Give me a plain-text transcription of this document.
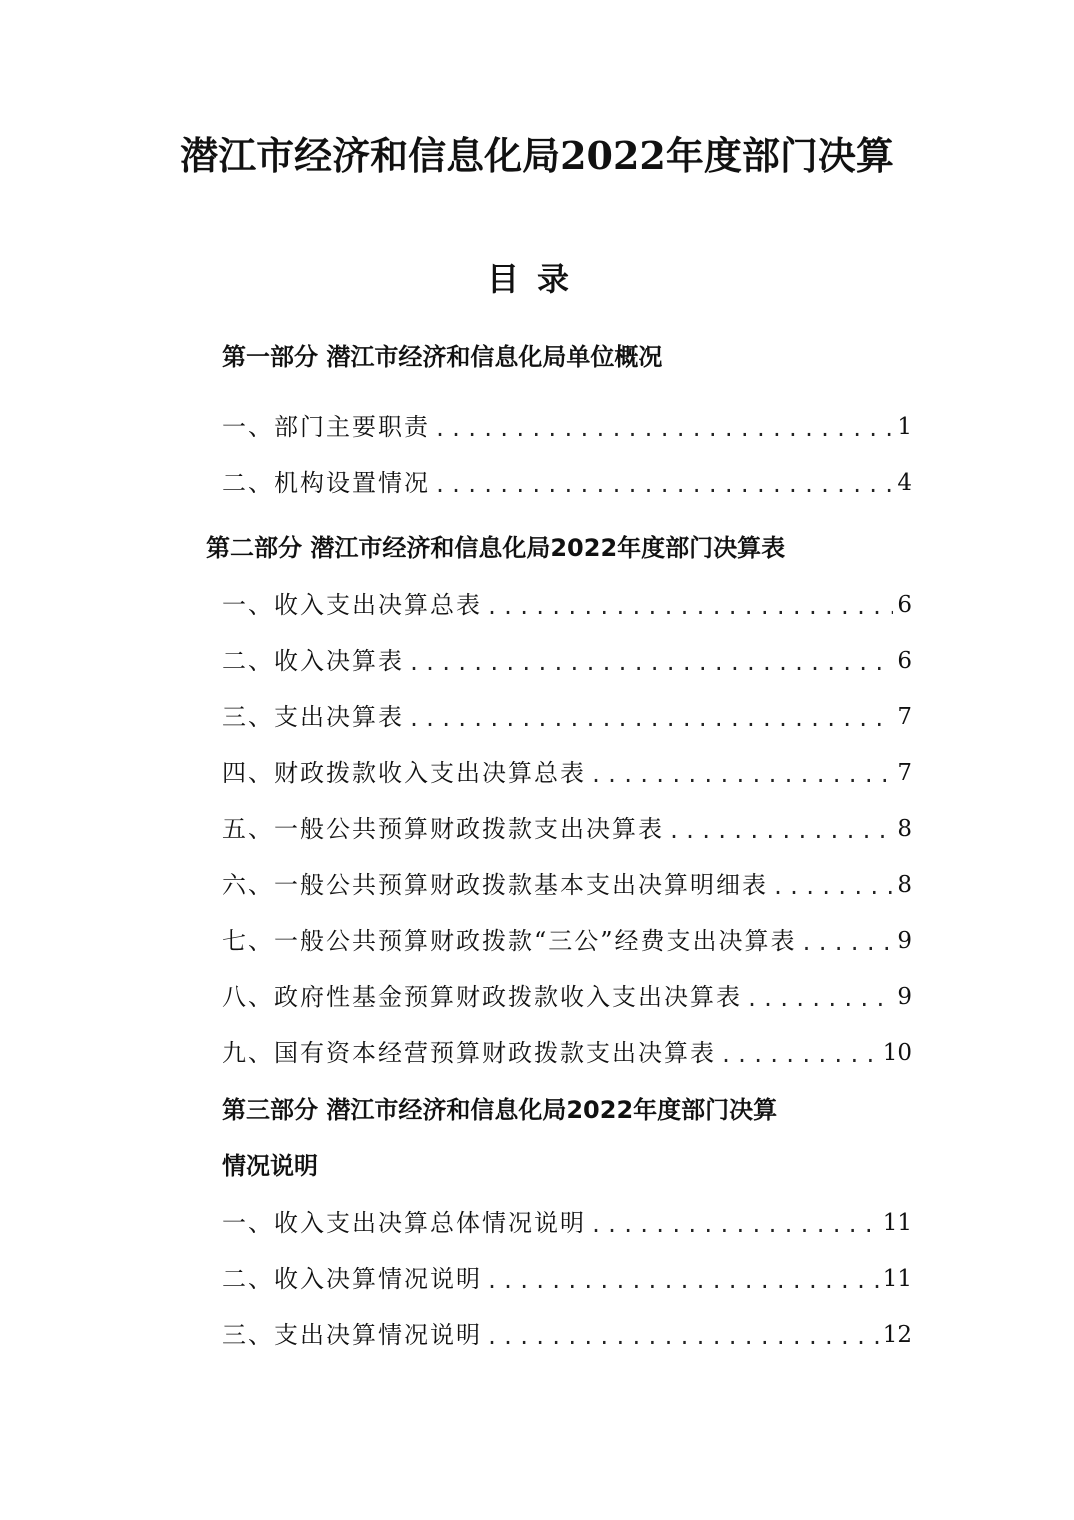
潜江市经济和信息化局2022年度部门决算
目录
第一部分 潜江市经济和信息化局单位概况
一、部门主要职责 .....	1
二、机构设置情况 .....	4
第二部分 潜江市经济和信息化局2022年度部门决算表
一、收入支出决算总表 .....	6
二、收入决算表 .....	6
三、支出决算表 .....	7
四、财政拨款收入支出决算总表 .....	7
五、一般公共预算财政拨款支出决算表 .....	8
六、一般公共预算财政拨款基本支出决算明细表 .....	8
七、一般公共预算财政拨款“三公”经费支出决算表 .....	9
八、政府性基金预算财政拨款收入支出决算表 .....	9
九、国有资本经营预算财政拨款支出决算表 .....	10
第三部分 潜江市经济和信息化局2022年度部门决算
情况说明
一、收入支出决算总体情况说明 .....	11
二、收入决算情况说明 .....	11
三、支出决算情况说明 .....	12
